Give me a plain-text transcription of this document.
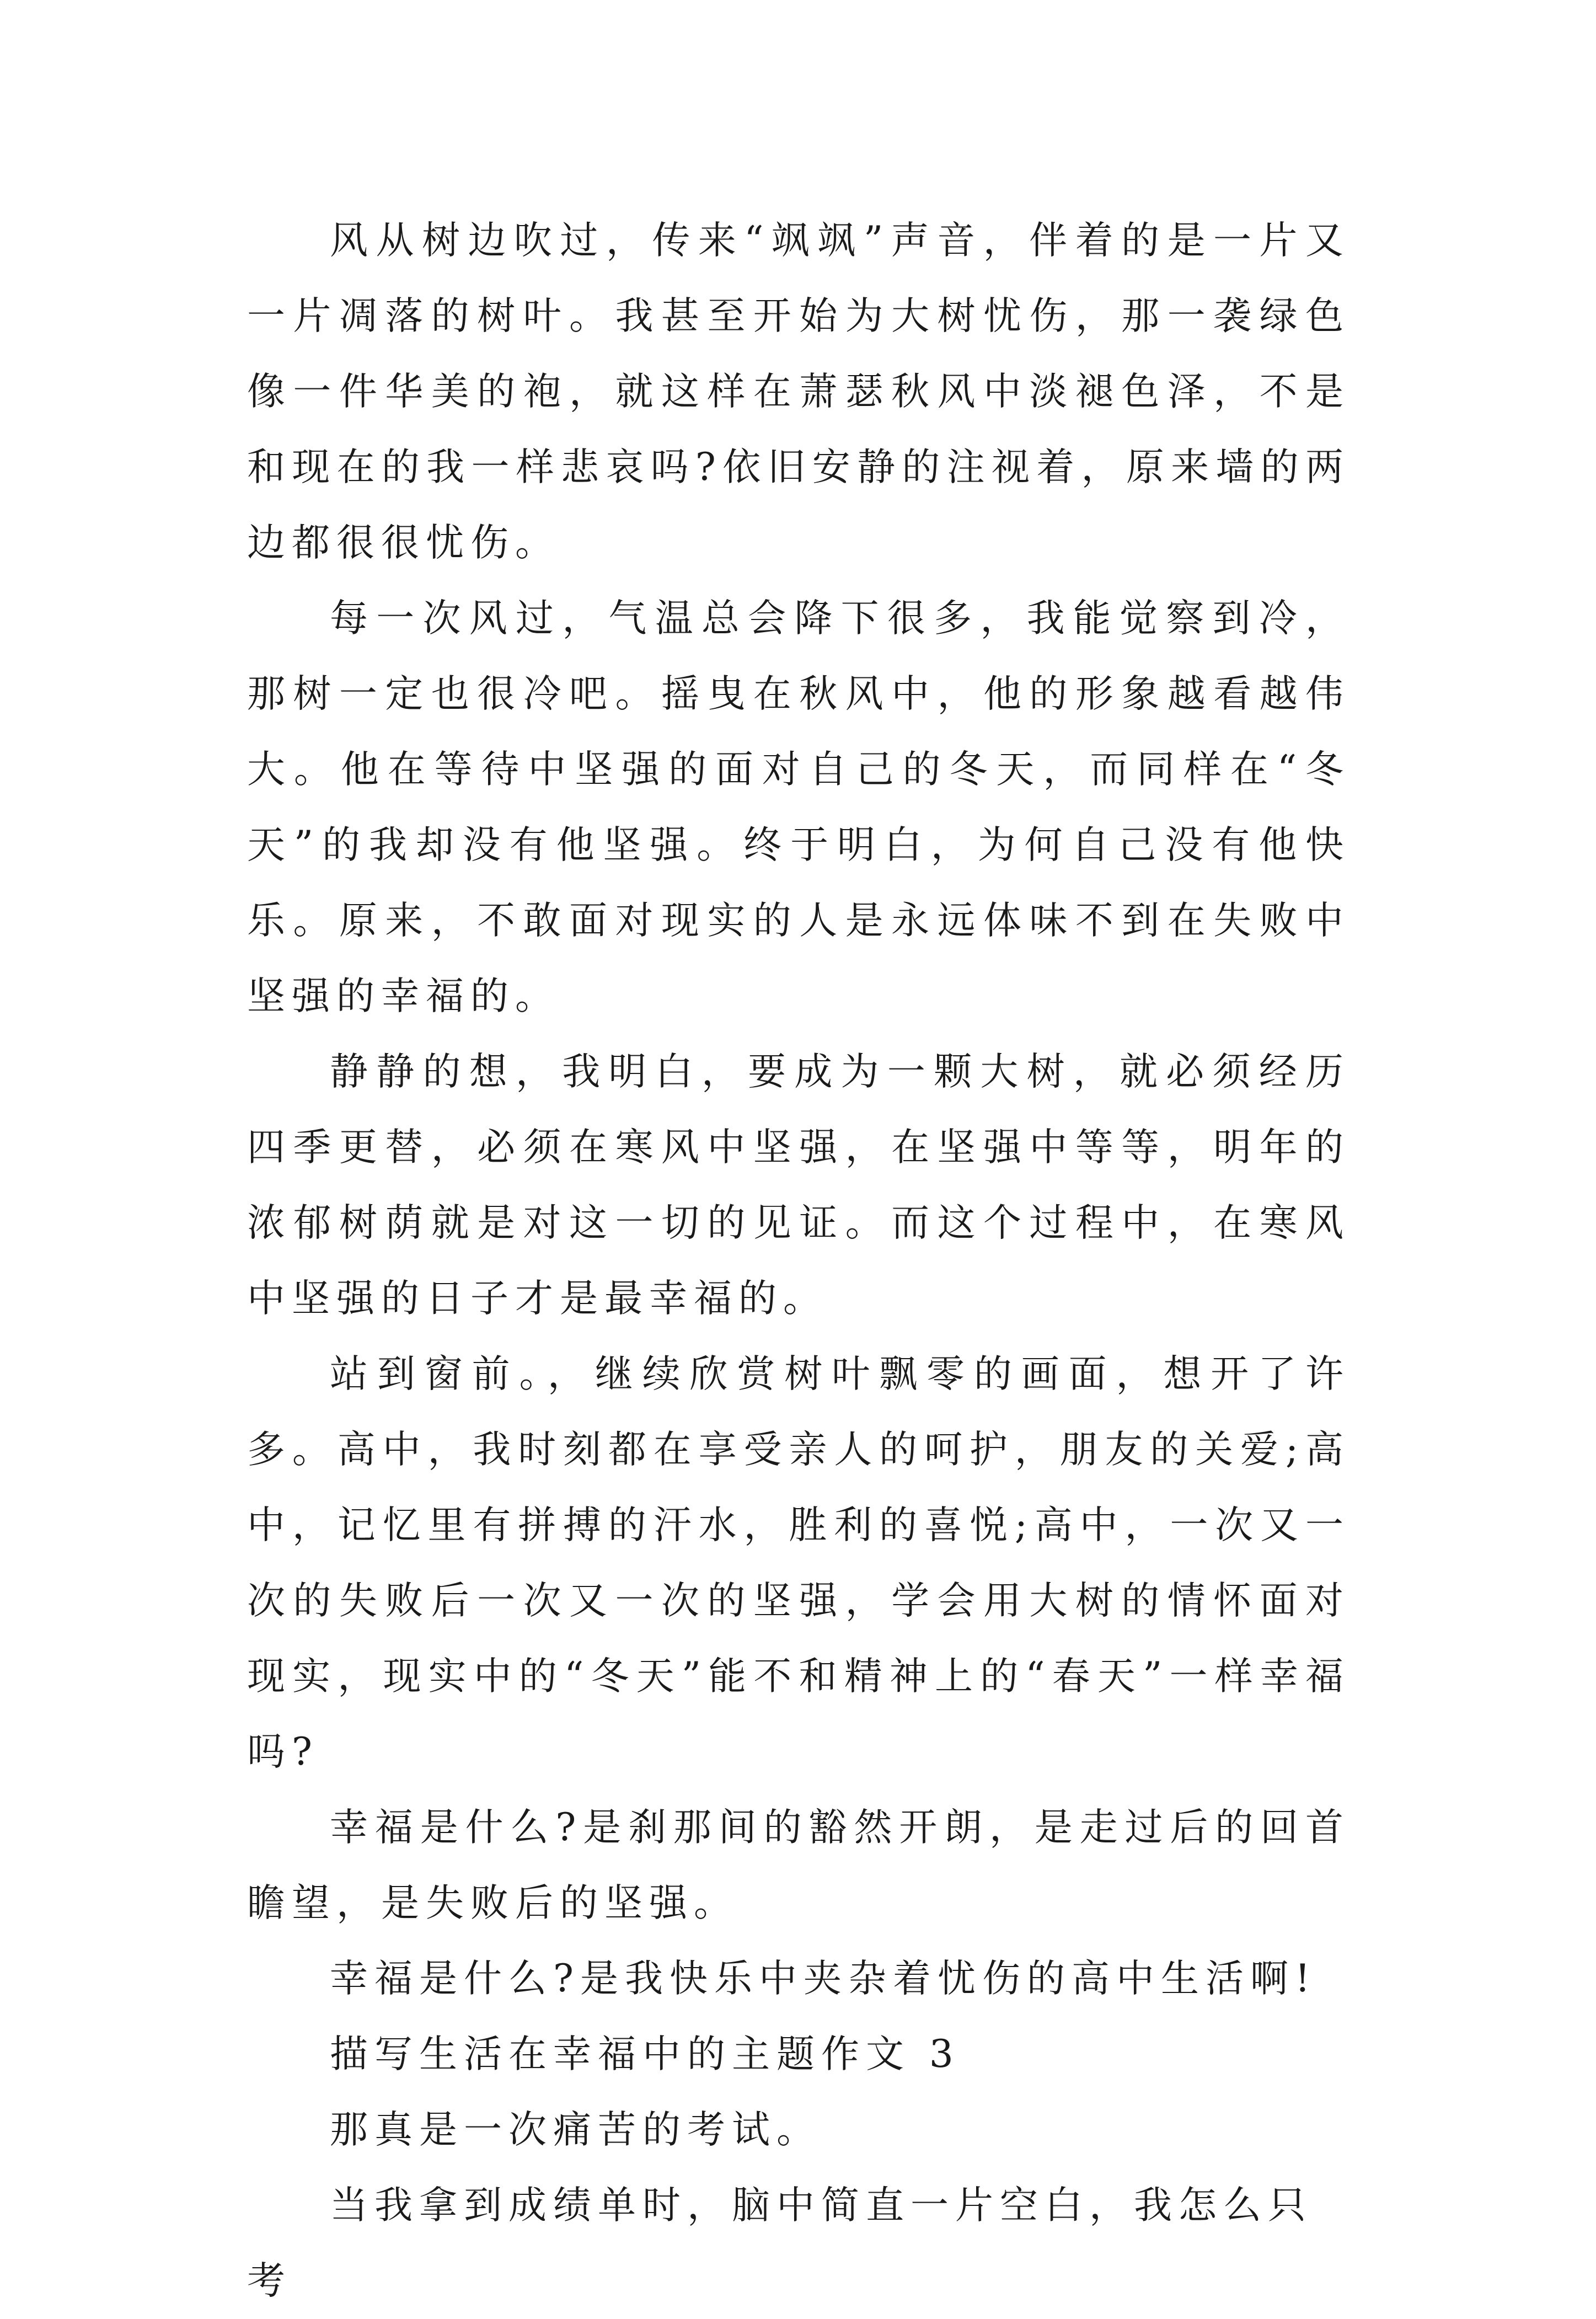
风从树边吹过，传来“飒飒”声音，伴着的是一片又一片凋落的树叶。我甚至开始为大树忧伤，那一袭绿色像一件华美的袍，就这样在萧瑟秋风中淡褪色泽，不是和现在的我一样悲哀吗?依旧安静的注视着，原来墙的两边都很很忧伤。

每一次风过，气温总会降下很多，我能觉察到冷，那树一定也很冷吧。摇曳在秋风中，他的形象越看越伟大。他在等待中坚强的面对自己的冬天，而同样在“冬天”的我却没有他坚强。终于明白，为何自己没有他快乐。原来，不敢面对现实的人是永远体味不到在失败中坚强的幸福的。

静静的想，我明白，要成为一颗大树，就必须经历四季更替，必须在寒风中坚强，在坚强中等等，明年的浓郁树荫就是对这一切的见证。而这个过程中，在寒风中坚强的日子才是最幸福的。

站到窗前。，继续欣赏树叶飘零的画面，想开了许多。高中，我时刻都在享受亲人的呵护，朋友的关爱;高中，记忆里有拼搏的汗水，胜利的喜悦;高中，一次又一次的失败后一次又一次的坚强，学会用大树的情怀面对现实，现实中的“冬天”能不和精神上的“春天”一样幸福吗?

幸福是什么?是刹那间的豁然开朗，是走过后的回首瞻望，是失败后的坚强。

幸福是什么?是我快乐中夹杂着忧伤的高中生活啊!

描写生活在幸福中的主题作文 3

那真是一次痛苦的考试。

当我拿到成绩单时，脑中简直一片空白，我怎么只考
